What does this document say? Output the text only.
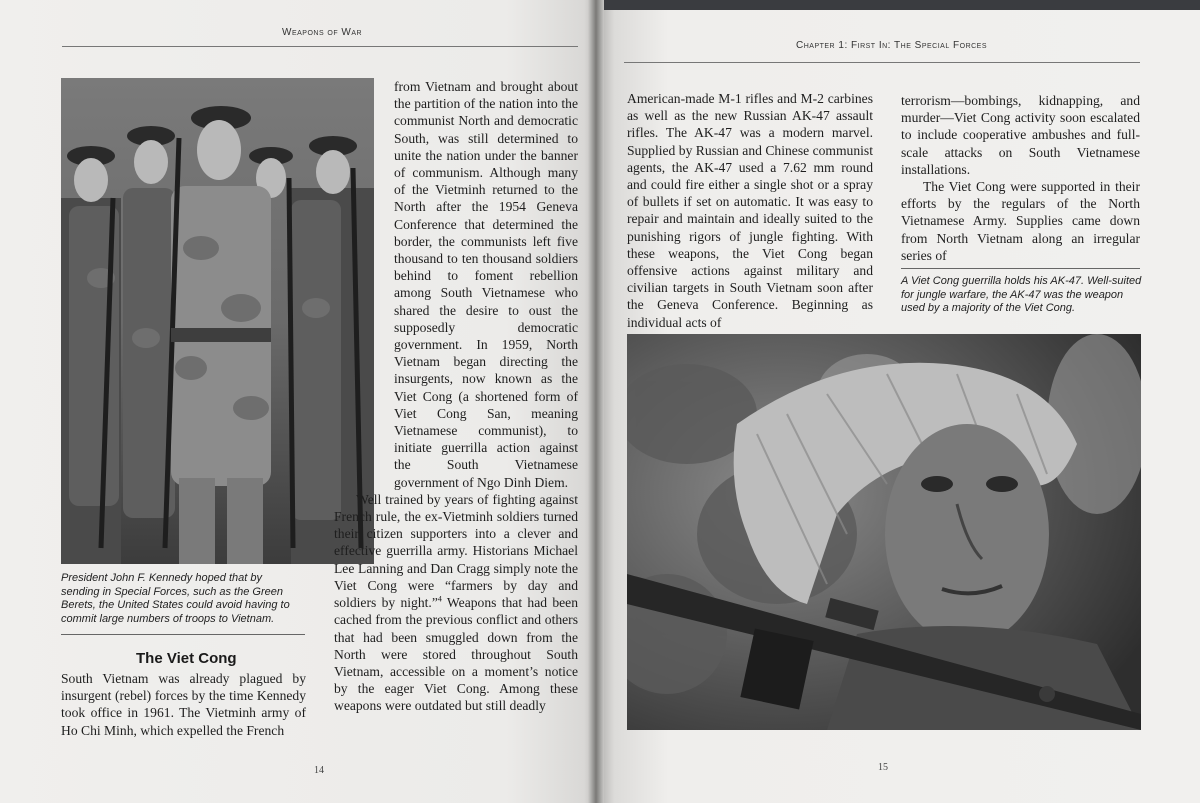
Weapons of War
President John F. Kennedy hoped that by sending in Special Forces, such as the Green Berets, the United States could avoid having to commit large numbers of troops to Vietnam.
The Viet Cong

South Vietnam was already plagued by insurgent (rebel) forces by the time Kennedy took office in 1961. The Vietminh army of Ho Chi Minh, which expelled the French

from Vietnam and brought about the partition of the nation into the communist North and democratic South, was still determined to unite the nation under the banner of communism. Although many of the Vietminh returned to the North after the 1954 Geneva Conference that determined the border, the communists left five thousand to ten thousand soldiers behind to foment rebellion among South Vietnamese who shared the desire to oust the supposedly democratic government. In 1959, North Vietnam began directing the insurgents, now known as the Viet Cong (a shortened form of Viet Cong San, meaning Vietnamese communist), to initiate guerrilla action against the South Vietnamese government of Ngo Dinh Diem.

Well trained by years of fighting against French rule, the ex-Vietminh soldiers turned their citizen supporters into a clever and effective guerrilla army. Historians Michael Lee Lanning and Dan Cragg simply note the Viet Cong were “farmers by day and soldiers by night.”$^4$ Weapons that had been cached from the previous conflict and others that had been smuggled down from the North were stored throughout South Vietnam, accessible on a moment’s notice by the eager Viet Cong. Among these weapons were outdated but still deadly

14
Chapter 1: First In: The Special Forces

American-made M-1 rifles and M-2 carbines as well as the new Russian AK-47 assault rifles. The AK-47 was a modern marvel. Supplied by Russian and Chinese communist agents, the AK-47 used a 7.62 mm round and could fire either a single shot or a spray of bullets if set on automatic. It was easy to repair and maintain and ideally suited to the punishing rigors of jungle fighting. With these weapons, the Viet Cong began offensive actions against military and civilian targets in South Vietnam soon after the Geneva Conference. Beginning as individual acts of

terrorism—bombings, kidnapping, and murder—Viet Cong activity soon escalated to include cooperative ambushes and full-scale attacks on South Vietnamese installations.

The Viet Cong were supported in their efforts by the regulars of the North Vietnamese Army. Supplies came down from North Vietnam along an irregular series of

A Viet Cong guerrilla holds his AK-47. Well-suited for jungle warfare, the AK-47 was the weapon used by a majority of the Viet Cong.
15
